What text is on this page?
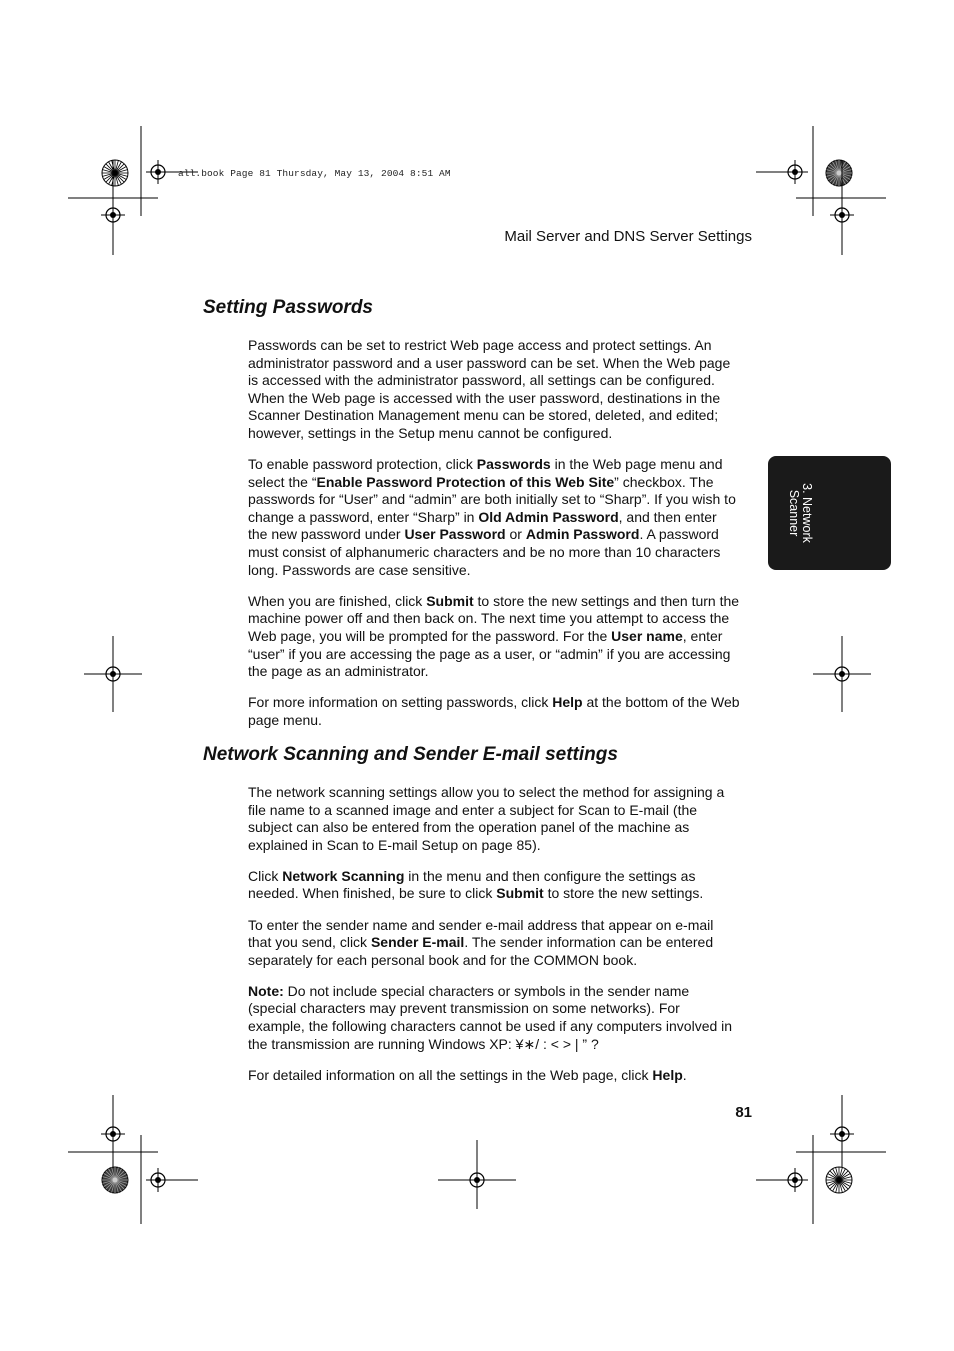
all.book Page 81 Thursday, May 13, 2004 8:51 AM
Mail Server and DNS Server Settings
3. Network
Scanner
Setting Passwords

Passwords can be set to restrict Web page access and protect settings. An administrator password and a user password can be set. When the Web page is accessed with the administrator password, all settings can be configured. When the Web page is accessed with the user password, destinations in the Scanner Destination Management menu can be stored, deleted, and edited; however, settings in the Setup menu cannot be configured.

To enable password protection, click Passwords in the Web page menu and select the “Enable Password Protection of this Web Site” checkbox. The passwords for “User” and “admin” are both initially set to “Sharp”. If you wish to change a password, enter “Sharp” in Old Admin Password, and then enter the new password under User Password or Admin Password. A password must consist of alphanumeric characters and be no more than 10 characters long. Passwords are case sensitive.

When you are finished, click Submit to store the new settings and then turn the machine power off and then back on. The next time you attempt to access the Web page, you will be prompted for the password. For the User name, enter “user” if you are accessing the page as a user, or “admin” if you are accessing the page as an administrator.

For more information on setting passwords, click Help at the bottom of the Web page menu.

Network Scanning and Sender E-mail settings

The network scanning settings allow you to select the method for assigning a file name to a scanned image and enter a subject for Scan to E-mail (the subject can also be entered from the operation panel of the machine as explained in Scan to E-mail Setup on page 85).

Click Network Scanning in the menu and then configure the settings as needed. When finished, be sure to click Submit to store the new settings.

To enter the sender name and sender e-mail address that appear on e-mail that you send, click Sender E-mail. The sender information can be entered separately for each personal book and for the COMMON book.

Note: Do not include special characters or symbols in the sender name (special characters may prevent transmission on some networks). For example, the following characters cannot be used if any computers involved in the transmission are running Windows XP: ¥∗/ : < > | ” ?

For detailed information on all the settings in the Web page, click Help.

81
